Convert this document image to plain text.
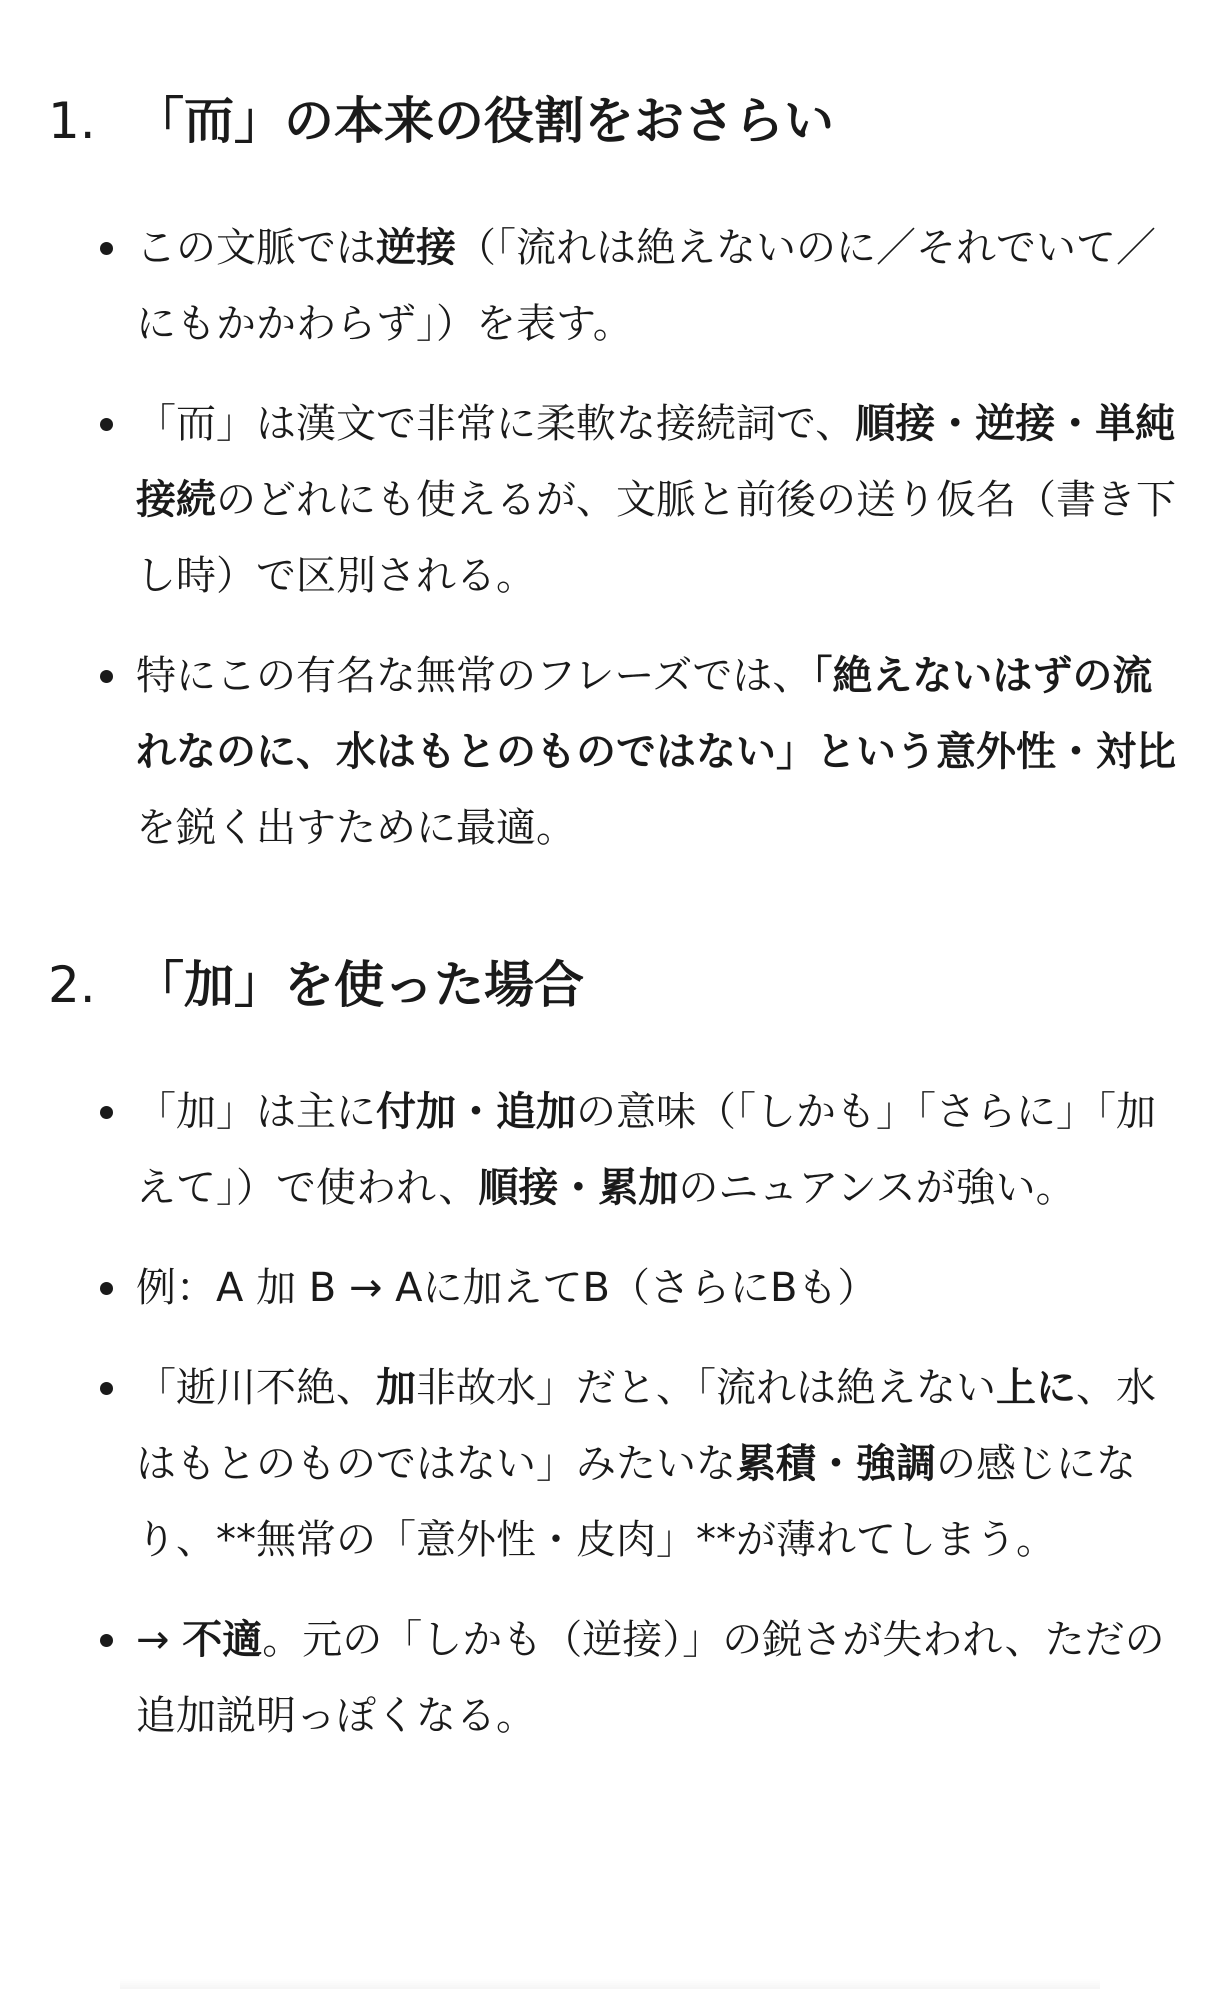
1. 「而」の本来の役割をおさらい
この文脈では逆接（「流れは絶えないのに／それでいて／にもかかわらず」）を表す。
「而」は漢文で非常に柔軟な接続詞で、順接・逆接・単純接続のどれにも使えるが、文脈と前後の送り仮名（書き下し時）で区別される。
特にこの有名な無常のフレーズでは、「絶えないはずの流れなのに、水はもとのものではない」という意外性・対比を鋭く出すために最適。
2. 「加」を使った場合
「加」は主に付加・追加の意味（「しかも」「さらに」「加えて」）で使われ、順接・累加のニュアンスが強い。
例：A 加 B → Aに加えてB（さらにBも）
「逝川不絶、加非故水」だと、「流れは絶えない上に、水はもとのものではない」みたいな累積・強調の感じになり、**無常の「意外性・皮肉」**が薄れてしまう。
→ 不適。元の「しかも（逆接）」の鋭さが失われ、ただの追加説明っぽくなる。
